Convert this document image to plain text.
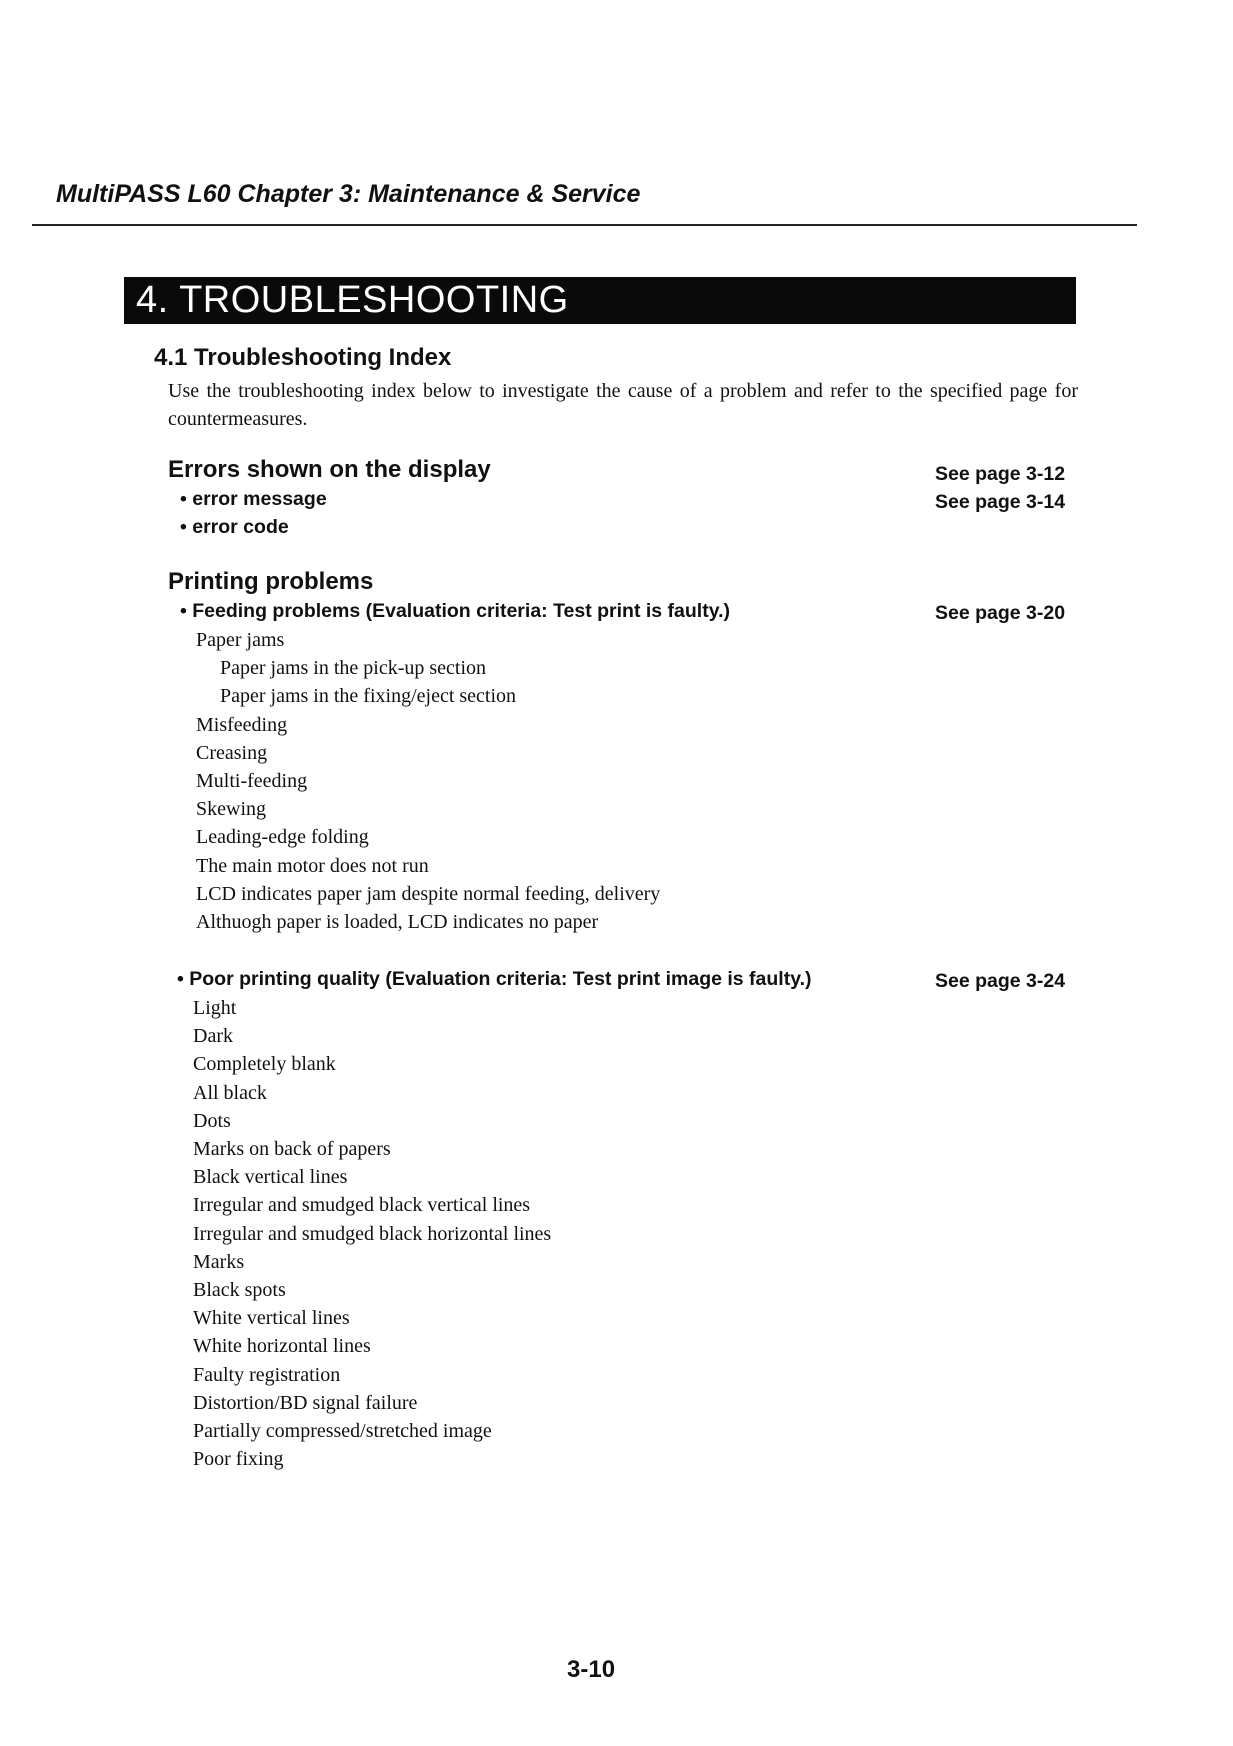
MultiPASS L60 Chapter 3: Maintenance & Service
4. TROUBLESHOOTING
4.1 Troubleshooting Index
Use the troubleshooting index below to investigate the cause of a problem and refer to the specified page for countermeasures.
Errors shown on the display
• error message
See page 3-12
• error code
See page 3-14
Printing problems
• Feeding problems (Evaluation criteria: Test print is faulty.)	See page 3-20
Paper jams
Paper jams in the pick-up section
Paper jams in the fixing/eject section
Misfeeding
Creasing
Multi-feeding
Skewing
Leading-edge folding
The main motor does not run
LCD indicates paper jam despite normal feeding, delivery
Althuogh paper is loaded, LCD indicates no paper
• Poor printing quality (Evaluation criteria: Test print image is faulty.)	See page 3-24
Light
Dark
Completely blank
All black
Dots
Marks on back of papers
Black vertical lines
Irregular and smudged black vertical lines
Irregular and smudged black horizontal lines
Marks
Black spots
White vertical lines
White horizontal lines
Faulty registration
Distortion/BD signal failure
Partially compressed/stretched image
Poor fixing
3-10
